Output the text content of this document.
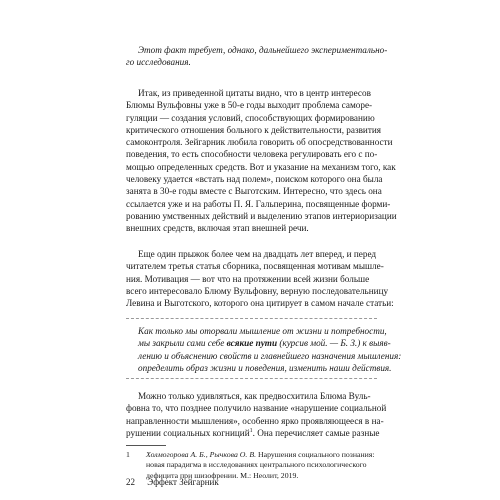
Этот факт требует, однако, дальнейшего экспериментально-
го исследования.

Итак, из приведенной цитаты видно, что в центр интересов
Блюмы Вульфовны уже в 50-е годы выходит проблема саморе-
гуляции — создания условий, способствующих формированию
критического отношения больного к действительности, развития
самоконтроля. Зейгарник любила говорить об опосредствованности
поведения, то есть способности человека регулировать его с по-
мощью определенных средств. Вот и указание на механизм того, как
человеку удается «встать над полем», поиском которого она была
занята в 30-е годы вместе с Выготским. Интересно, что здесь она
ссылается уже и на работы П. Я. Гальперина, посвященные форми-
рованию умственных действий и выделению этапов интериоризации
внешних средств, включая этап внешней речи.

Еще один прыжок более чем на двадцать лет вперед, и перед
читателем третья статья сборника, посвященная мотивам мышле-
ния. Мотивация — вот что на протяжении всей жизни больше
всего интересовало Блюму Вульфовну, верную последовательницу
Левина и Выготского, которого она цитирует в самом начале статьи:

Как только мы оторвали мышление от жизни и потребности,
мы закрыли сами себе всякие пути (курсив мой. — Б. З.) к выяв-
лению и объяснению свойств и главнейшего назначения мышления:
определить образ жизни и поведения, изменить наши действия.

Можно только удивляться, как предвосхитила Блюма Вуль-
фовна то, что позднее получило название «нарушение социальной
направленности мышления», особенно ярко проявляющееся в на-
рушении социальных когниций$^1$. Она перечисляет самые разные

1 Холмогорова А. Б., Рычкова О. В. Нарушения социального познания:
новая парадигма в исследованиях центрального психологического
дефицита при шизофрении. М.: Неолит, 2019.
22 Эффект Зейгарник
